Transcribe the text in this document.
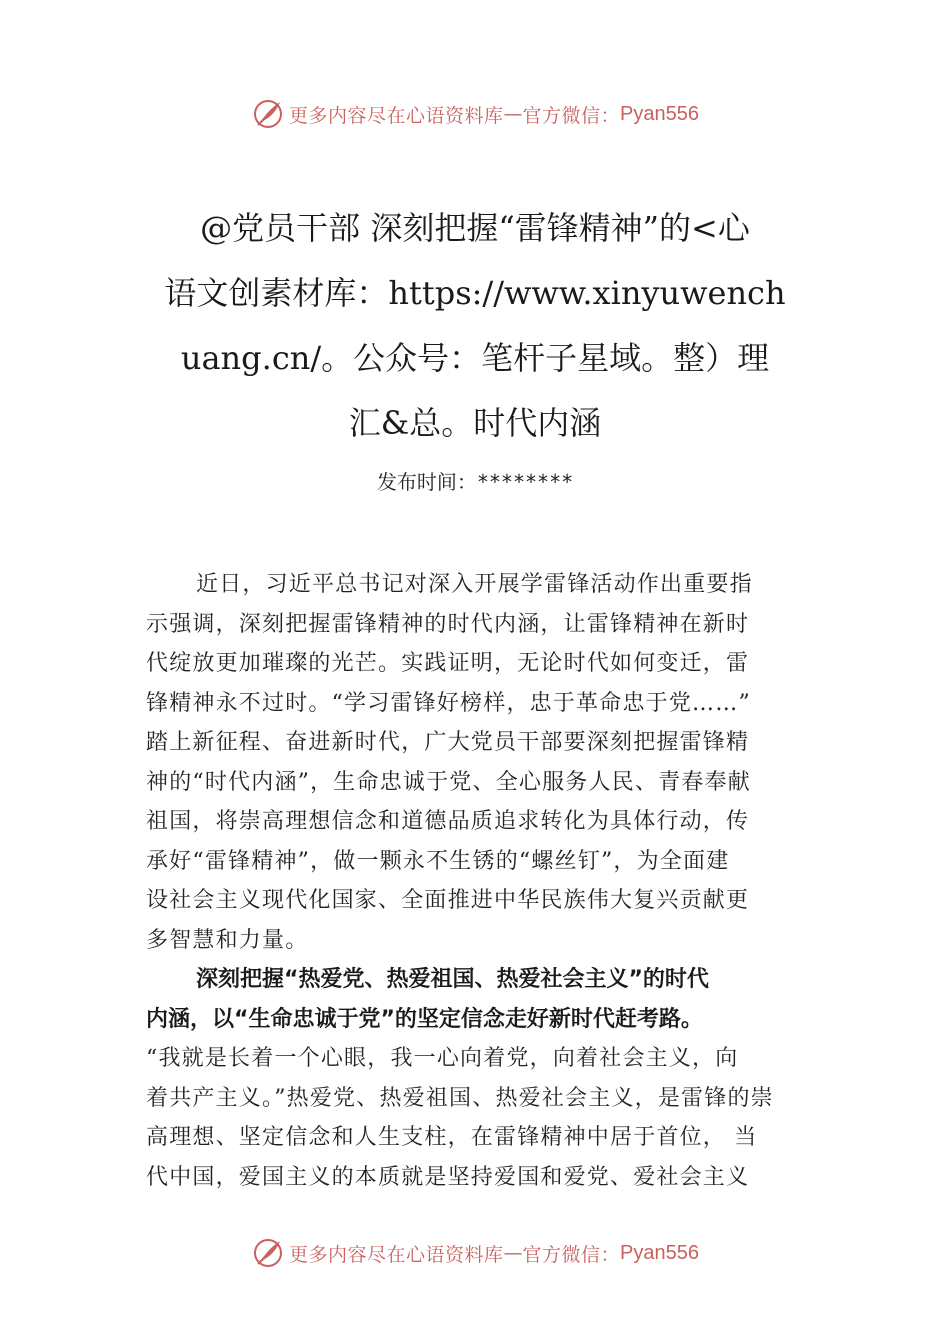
更多内容尽在心语资料库 — 官方微信： Pyan556
@党员干部 深刻把握“雷锋精神”的<心
语文创素材库：https://www.xinyuwench
uang.cn/。公众号：笔杆子星域。整）理
汇&总。时代内涵
发布时间：********

近日，习近平总书记对深入开展学雷锋活动作出重要指
示强调，深刻把握雷锋精神的时代内涵，让雷锋精神在新时
代绽放更加璀璨的光芒。实践证明，无论时代如何变迁，雷
锋精神永不过时。“学习雷锋好榜样，忠于革命忠于党……”
踏上新征程、奋进新时代，广大党员干部要深刻把握雷锋精
神的“时代内涵”，生命忠诚于党、全心服务人民、青春奉献
祖国，将崇高理想信念和道德品质追求转化为具体行动，传
承好“雷锋精神”，做一颗永不生锈的“螺丝钉”，为全面建
设社会主义现代化国家、全面推进中华民族伟大复兴贡献更
多智慧和力量。

深刻把握“热爱党、热爱祖国、热爱社会主义”的时代
内涵，以“生命忠诚于党”的坚定信念走好新时代赶考路。

“我就是长着一个心眼，我一心向着党，向着社会主义，向
着共产主义。”热爱党、热爱祖国、热爱社会主义，是雷锋的崇
高理想、坚定信念和人生支柱，在雷锋精神中居于首位， 当
代中国，爱国主义的本质就是坚持爱国和爱党、爱社会主义

更多内容尽在心语资料库 — 官方微信： Pyan556
